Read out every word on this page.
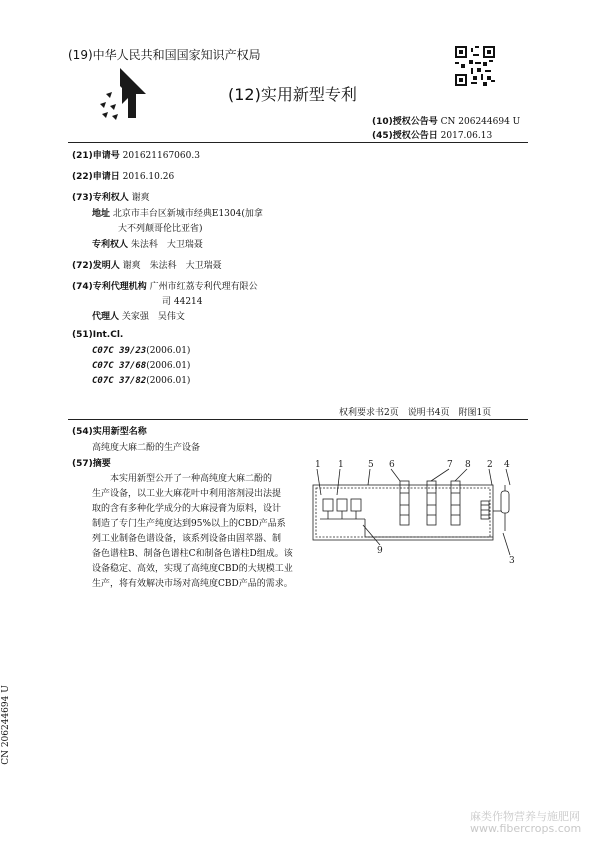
(19)中华人民共和国国家知识产权局
(12)实用新型专利
(10)授权公告号 CN 206244694 U
(45)授权公告日 2017.06.13
(21)申请号 201621167060.3
(22)申请日 2016.10.26
(73)专利权人 谢爽
地址 北京市丰台区新城市经典E1304(加拿
大不列颠哥伦比亚省)
专利权人 朱法科　大卫瑞聂
(72)发明人 谢爽　朱法科　大卫瑞聂
(74)专利代理机构 广州市红荔专利代理有限公
司 44214
代理人 关家强　吴伟文
(51)Int.Cl.
C07C 39/23(2006.01)
C07C 37/68(2006.01)
C07C 37/82(2006.01)
权利要求书2页　说明书4页　附图1页
(54)实用新型名称
高纯度大麻二酚的生产设备
(57)摘要
本实用新型公开了一种高纯度大麻二酚的
生产设备，以工业大麻花叶中利用溶剂浸出法提
取的含有多种化学成分的大麻浸膏为原料，设计
制造了专门生产纯度达到95%以上的CBD产品系
列工业制备色谱设备，该系列设备由固萃器、制
备色谱柱B、制备色谱柱C和制备色谱柱D组成。该
设备稳定、高效，实现了高纯度CBD的大规模工业
生产，将有效解决市场对高纯度CBD产品的需求。
1 1	5 6	7 8 2 4
9
3
CN 206244694 U
麻类作物营养与施肥网
www.fibercrops.com
